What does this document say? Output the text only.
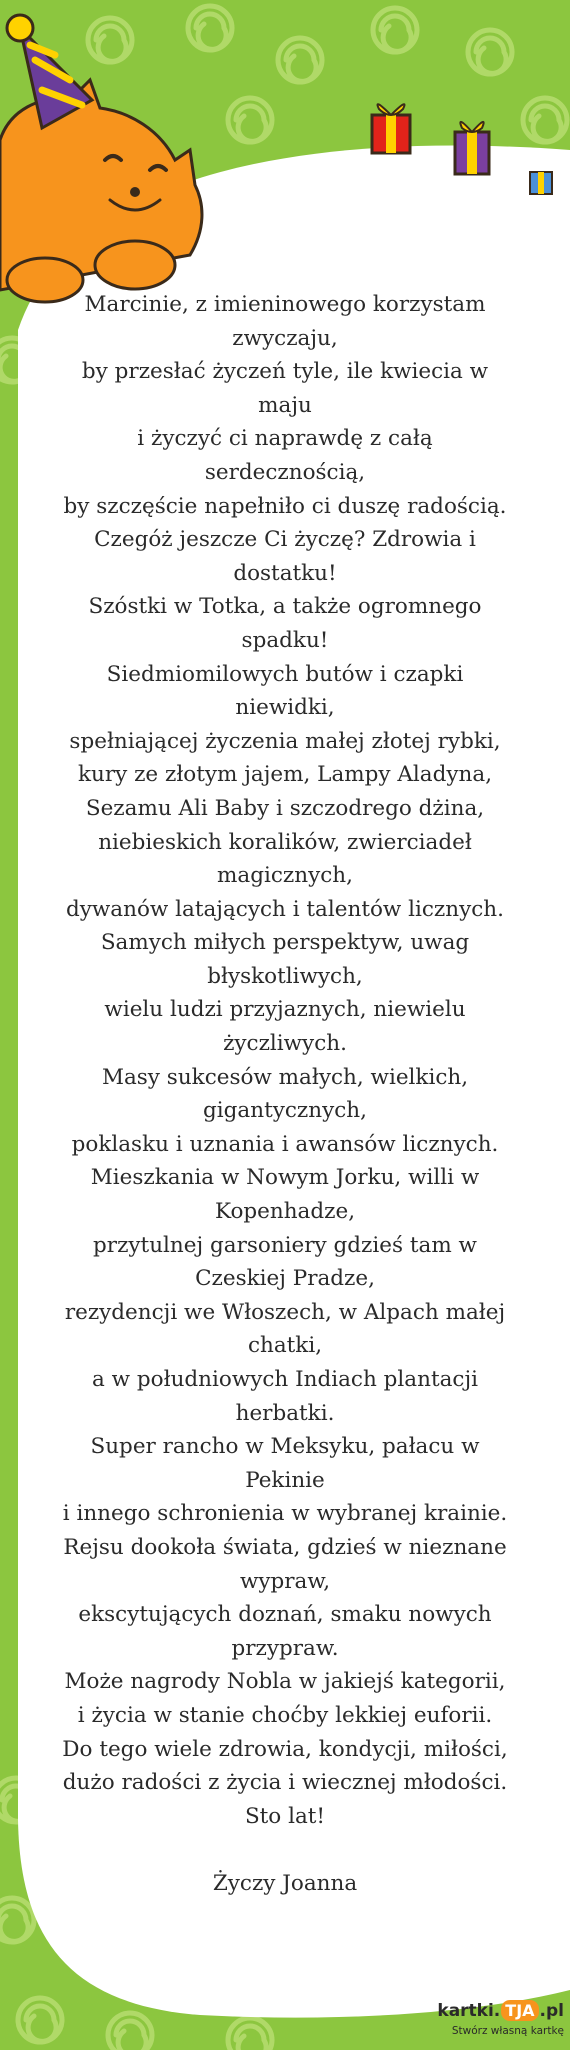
Marcinie, z imieninowego korzystam
zwyczaju,
by przesłać życzeń tyle, ile kwiecia w maju
i życzyć ci naprawdę z całą serdecznością,
by szczęście napełniło ci duszę radością.
Czegóż jeszcze Ci życzę? Zdrowia i
dostatku!
Szóstki w Totka, a także ogromnego
spadku!
Siedmiomilowych butów i czapki niewidki,
spełniającej życzenia małej złotej rybki,
kury ze złotym jajem, Lampy Aladyna,
Sezamu Ali Baby i szczodrego dżina,
niebieskich koralików, zwierciadeł
magicznych,
dywanów latających i talentów licznych.
Samych miłych perspektyw, uwag
błyskotliwych,
wielu ludzi przyjaznych, niewielu
życzliwych.
Masy sukcesów małych, wielkich,
gigantycznych,
poklasku i uznania i awansów licznych.
Mieszkania w Nowym Jorku, willi w
Kopenhadze,
przytulnej garsoniery gdzieś tam w
Czeskiej Pradze,
rezydencji we Włoszech, w Alpach małej
chatki,
a w południowych Indiach plantacji
herbatki.
Super rancho w Meksyku, pałacu w
Pekinie
i innego schronienia w wybranej krainie.
Rejsu dookoła świata, gdzieś w nieznane
wypraw,
ekscytujących doznań, smaku nowych
przypraw.
Może nagrody Nobla w jakiejś kategorii,
i życia w stanie choćby lekkiej euforii.
Do tego wiele zdrowia, kondycji, miłości,
dużo radości z życia i wiecznej młodości.
Sto lat!
Życzy Joanna
kartki. TJA .pl
Stwórz własną kartkę
